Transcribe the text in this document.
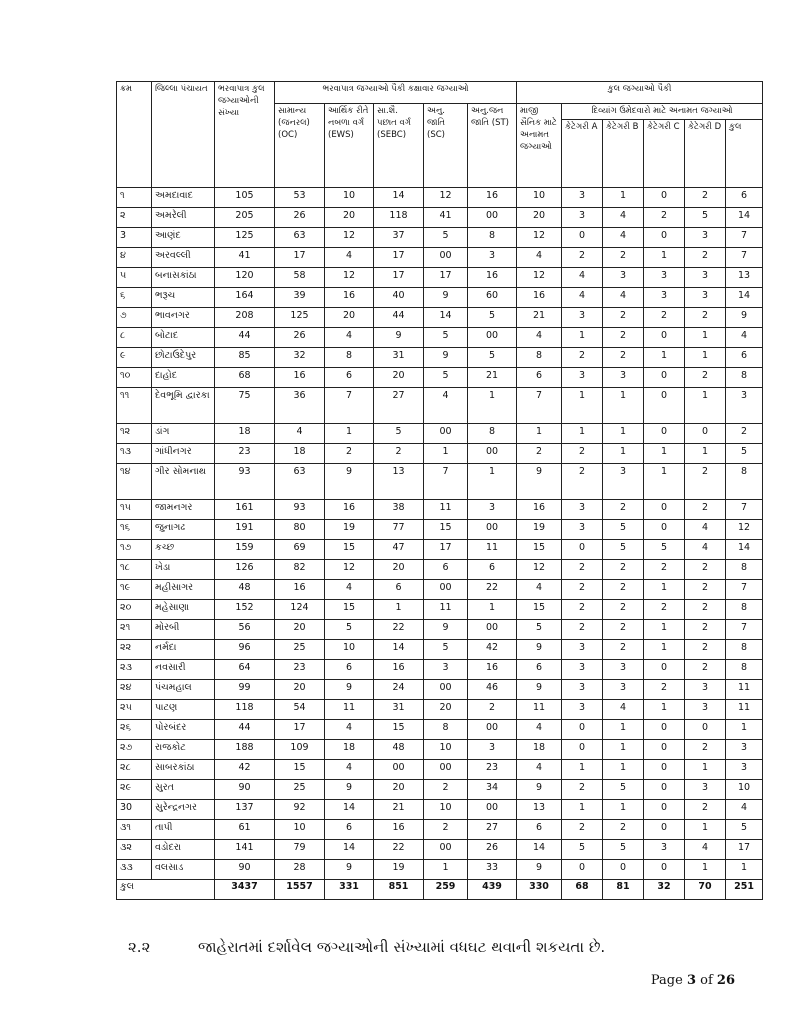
ક્રમ	જિલ્લા પંચાયત	ભરવાપાત્ર કુલ જગ્યાઓની સંખ્યા	ભરવાપાત્ર જગ્યાઓ પૈકી કક્ષાવાર જગ્યાઓ					કુલ જગ્યાઓ પૈકી					
			સામાન્ય (જનરલ) (OC)	આર્થિક રીતે નબળા વર્ગ (EWS)	સા.શૈ. પછાત વર્ગ (SEBC)	અનુ. જાતિ (SC)	અનુ.જન જાતિ (ST)	માજી સૈનિક માટે અનામત જગ્યાઓ	દિવ્યાંગ ઉમેદવારો માટે અનામત જગ્યાઓ				
									કેટેગરી A	કેટેગરી B	કેટેગરી C	કેટેગરી D	કુલ
૧	અમદાવાદ	105	53	10	14	12	16	10	3	1	0	2	6
૨	અમરેલી	205	26	20	118	41	00	20	3	4	2	5	14
3	આણંદ	125	63	12	37	5	8	12	0	4	0	3	7
૪	અરવલ્લી	41	17	4	17	00	3	4	2	2	1	2	7
૫	બનાસકાંઠા	120	58	12	17	17	16	12	4	3	3	3	13
૬	ભરૂચ	164	39	16	40	9	60	16	4	4	3	3	14
૭	ભાવનગર	208	125	20	44	14	5	21	3	2	2	2	9
૮	બોટાદ	44	26	4	9	5	00	4	1	2	0	1	4
૯	છોટાઉદેપુર	85	32	8	31	9	5	8	2	2	1	1	6
૧૦	દાહોદ	68	16	6	20	5	21	6	3	3	0	2	8
૧૧	દેવભૂમિ દ્વારકા	75	36	7	27	4	1	7	1	1	0	1	3
૧૨	ડાંગ	18	4	1	5	00	8	1	1	1	0	0	2
૧૩	ગાંધીનગર	23	18	2	2	1	00	2	2	1	1	1	5
૧૪	ગીર સોમનાથ	93	63	9	13	7	1	9	2	3	1	2	8
૧૫	જામનગર	161	93	16	38	11	3	16	3	2	0	2	7
૧૬	જુનાગઢ	191	80	19	77	15	00	19	3	5	0	4	12
૧૭	કચ્છ	159	69	15	47	17	11	15	0	5	5	4	14
૧૮	ખેડા	126	82	12	20	6	6	12	2	2	2	2	8
૧૯	મહીસાગર	48	16	4	6	00	22	4	2	2	1	2	7
૨૦	મહેસાણા	152	124	15	1	11	1	15	2	2	2	2	8
૨૧	મોરબી	56	20	5	22	9	00	5	2	2	1	2	7
૨૨	નર્મદા	96	25	10	14	5	42	9	3	2	1	2	8
૨૩	નવસારી	64	23	6	16	3	16	6	3	3	0	2	8
૨૪	પંચમહાલ	99	20	9	24	00	46	9	3	3	2	3	11
૨૫	પાટણ	118	54	11	31	20	2	11	3	4	1	3	11
૨૬	પોરબંદર	44	17	4	15	8	00	4	0	1	0	0	1
૨૭	રાજકોટ	188	109	18	48	10	3	18	0	1	0	2	3
૨૮	સાબરકાંઠા	42	15	4	00	00	23	4	1	1	0	1	3
૨૯	સુરત	90	25	9	20	2	34	9	2	5	0	3	10
30	સુરેન્દ્રનગર	137	92	14	21	10	00	13	1	1	0	2	4
૩૧	તાપી	61	10	6	16	2	27	6	2	2	0	1	5
૩૨	વડોદરા	141	79	14	22	00	26	14	5	5	3	4	17
૩૩	વલસાડ	90	28	9	19	1	33	9	0	0	0	1	1
કુલ		3437	1557	331	851	259	439	330	68	81	32	70	251
૨.૨	જાહેરાતમાં દર્શાવેલ જગ્યાઓની સંખ્યામાં વધઘટ થવાની શકયતા છે.
Page 3 of 26
